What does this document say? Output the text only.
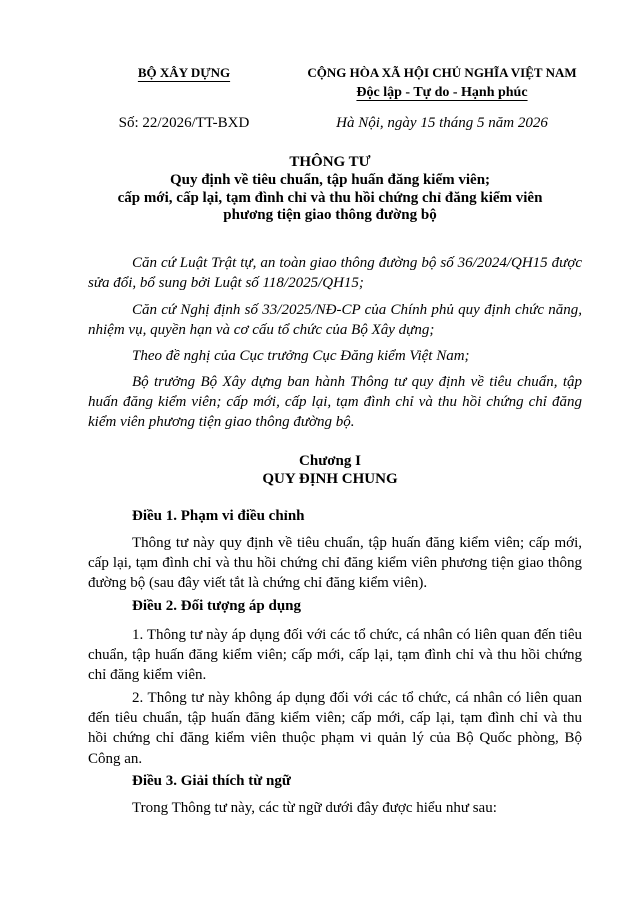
BỘ XÂY DỰNG	CỘNG HÒA XÃ HỘI CHỦ NGHĨA VIỆT NAM
Độc lập - Tự do - Hạnh phúc
Số: 22/2026/TT-BXD	Hà Nội, ngày 15 tháng 5 năm 2026
THÔNG TƯ
Quy định về tiêu chuẩn, tập huấn đăng kiểm viên;
cấp mới, cấp lại, tạm đình chỉ và thu hồi chứng chỉ đăng kiểm viên
phương tiện giao thông đường bộ
Căn cứ Luật Trật tự, an toàn giao thông đường bộ số 36/2024/QH15 được
sửa đổi, bổ sung bởi Luật số 118/2025/QH15;
Căn cứ Nghị định số 33/2025/NĐ-CP của Chính phủ quy định chức năng,
nhiệm vụ, quyền hạn và cơ cấu tổ chức của Bộ Xây dựng;
Theo đề nghị của Cục trưởng Cục Đăng kiểm Việt Nam;
Bộ trưởng Bộ Xây dựng ban hành Thông tư quy định về tiêu chuẩn, tập
huấn đăng kiểm viên; cấp mới, cấp lại, tạm đình chỉ và thu hồi chứng chỉ đăng
kiểm viên phương tiện giao thông đường bộ.
Chương I
QUY ĐỊNH CHUNG
Điều 1. Phạm vi điều chỉnh
Thông tư này quy định về tiêu chuẩn, tập huấn đăng kiểm viên; cấp mới,
cấp lại, tạm đình chỉ và thu hồi chứng chỉ đăng kiểm viên phương tiện giao thông
đường bộ (sau đây viết tắt là chứng chỉ đăng kiểm viên).
Điều 2. Đối tượng áp dụng
1. Thông tư này áp dụng đối với các tổ chức, cá nhân có liên quan đến tiêu
chuẩn, tập huấn đăng kiểm viên; cấp mới, cấp lại, tạm đình chỉ và thu hồi chứng
chỉ đăng kiểm viên.
2. Thông tư này không áp dụng đối với các tổ chức, cá nhân có liên quan
đến tiêu chuẩn, tập huấn đăng kiểm viên; cấp mới, cấp lại, tạm đình chỉ và thu
hồi chứng chỉ đăng kiểm viên thuộc phạm vi quản lý của Bộ Quốc phòng, Bộ
Công an.
Điều 3. Giải thích từ ngữ
Trong Thông tư này, các từ ngữ dưới đây được hiểu như sau:
